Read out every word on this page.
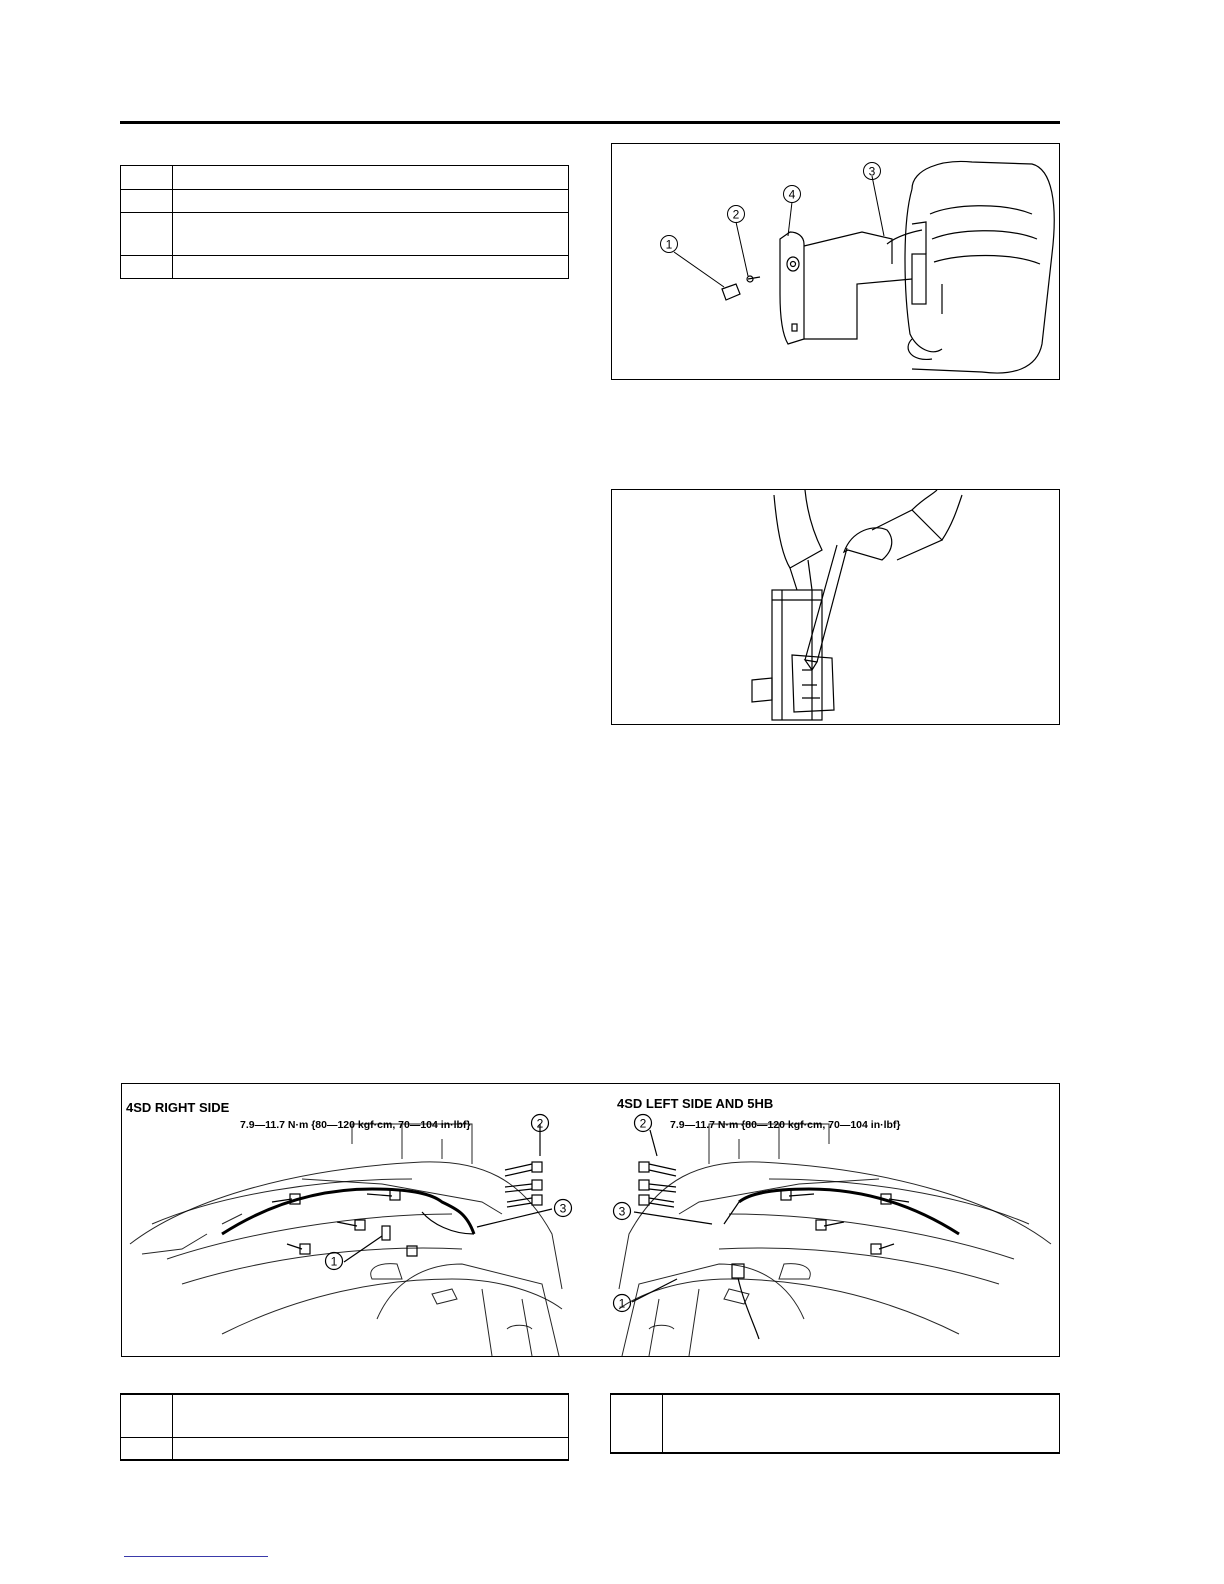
1
2
3
4
4SD RIGHT SIDE
7.9—11.7 N·m {80—120 kgf·cm, 70—104 in·lbf}
4SD LEFT SIDE AND 5HB
7.9—11.7 N·m {80—120 kgf·cm, 70—104 in·lbf}
2
3
1
2
3
1
